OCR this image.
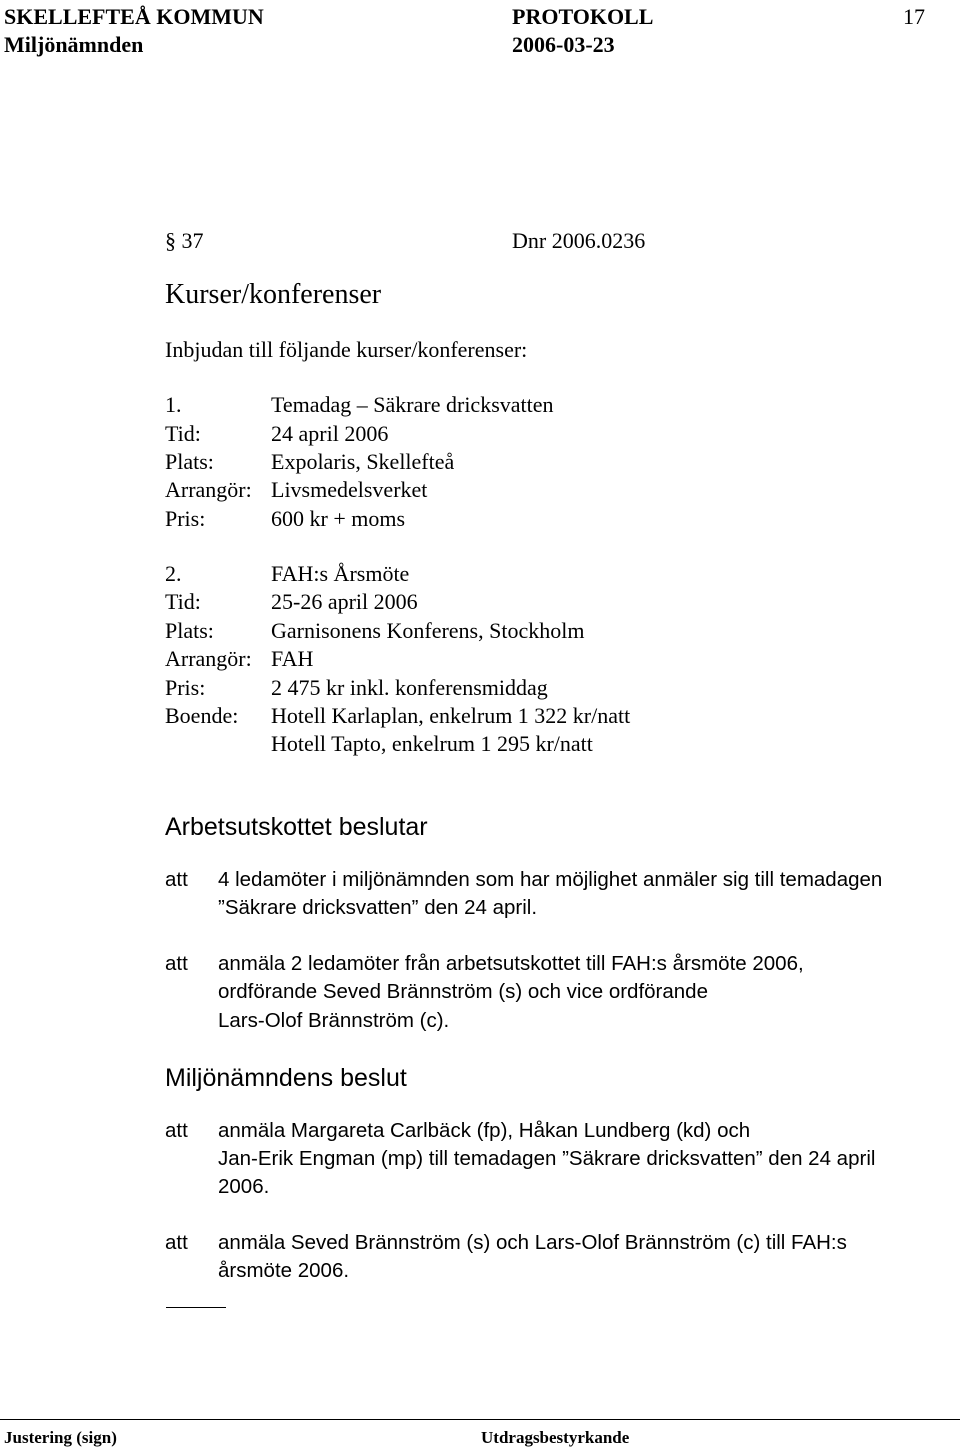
SKELLEFTEÅ KOMMUN	PROTOKOLL	17
Miljönämnden	2006-03-23
§ 37	Dnr 2006.0236
Kurser/konferenser
Inbjudan till följande kurser/konferenser:
1.	Temadag – Säkrare dricksvatten
Tid:	24 april 2006
Plats:	Expolaris, Skellefteå
Arrangör: Livsmedelsverket
Pris:	600 kr + moms
2.	FAH:s Årsmöte
Tid:	25-26 april 2006
Plats:	Garnisonens Konferens, Stockholm
Arrangör: FAH
Pris:	2 475 kr inkl. konferensmiddag
Boende: Hotell Karlaplan, enkelrum 1 322 kr/natt
Hotell Tapto, enkelrum 1 295 kr/natt
Arbetsutskottet beslutar
att 4 ledamöter i miljönämnden som har möjlighet anmäler sig till temadagen
”Säkrare dricksvatten” den 24 april.
att anmäla 2 ledamöter från arbetsutskottet till FAH:s årsmöte 2006,
ordförande Seved Brännström (s) och vice ordförande
Lars-Olof Brännström (c).
Miljönämndens beslut
att anmäla Margareta Carlbäck (fp), Håkan Lundberg (kd) och
Jan-Erik Engman (mp) till temadagen ”Säkrare dricksvatten” den 24 april
2006.
att anmäla Seved Brännström (s) och Lars-Olof Brännström (c) till FAH:s
årsmöte 2006.
Justering (sign)	Utdragsbestyrkande
